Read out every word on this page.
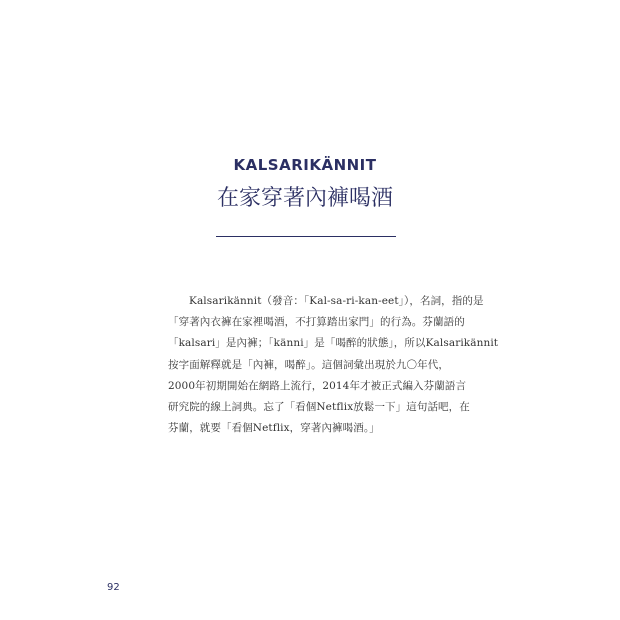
KALSARIKÄNNIT
在家穿著內褲喝酒
Kalsarikännit（發音：「Kal-sa-ri-kan-eet」），名詞，指的是
「穿著內衣褲在家裡喝酒，不打算踏出家門」的行為。芬蘭語的
「kalsari」是內褲；「känni」是「喝醉的狀態」，所以Kalsarikännit
按字面解釋就是「內褲，喝醉」。這個詞彙出現於九〇年代，
2000年初期開始在網路上流行，2014年才被正式編入芬蘭語言
研究院的線上詞典。忘了「看個Netflix放鬆一下」這句話吧，在
芬蘭，就要「看個Netflix，穿著內褲喝酒。」
92
